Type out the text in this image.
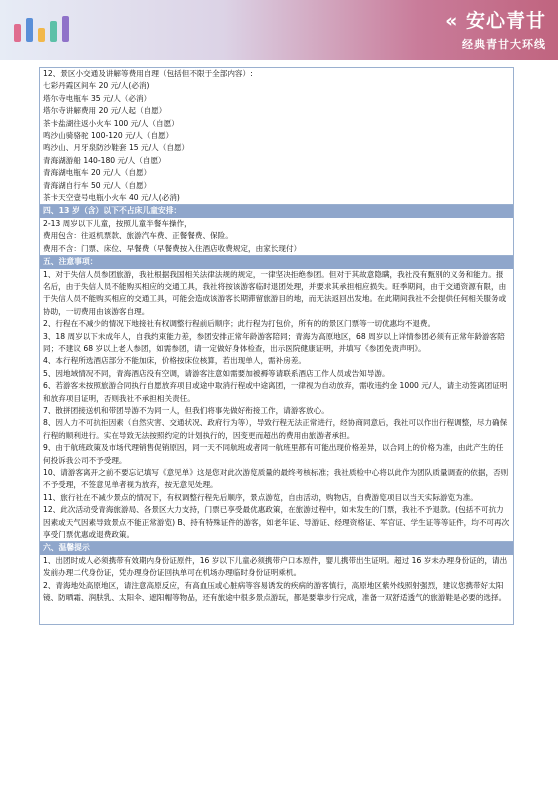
« 安心青甘
经典青甘大环线
12、景区小交通及讲解等费用自理（包括但不限于全部内容）:
七彩丹霞区间车 20 元/人(必消)
塔尔寺电瓶车 35 元/人（必消）
塔尔寺讲解费用 20 元/人起（自愿）
茶卡盐湖往返小火车 100 元/人（自愿）
鸣沙山骑骆驼 100-120 元/人（自愿）
鸣沙山、月牙泉防沙鞋套 15 元/人（自愿）
青海湖游船 140-180 元/人（自愿）
青海湖电瓶车 20 元/人（自愿）
青海湖自行车 50 元/人（自愿）
茶卡天空壹号电瓶小火车 40 元/人(必消)
四、13 岁（含）以下不占床儿童安排：
2-13 周岁以下儿童，按照儿童半餐车操作，
费用包含：往返机票款、旅游汽车费、正餐餐费、保险。
费用不含：门票、床位、早餐费（早餐费按入住酒店收费规定，由家长现付）
五、注意事项：
1、对于失信人员参团旅游，我社根据我国相关法律法规的规定，一律坚决拒绝参团。但对于其故意隐瞒，我社没有甄别的义务和能力。报名后，由于失信人员不能购买相应的交通工具，我社将按该游客临时退团处理，并要求其承担相应损失。旺季期间，由于交通资源有限，由于失信人员不能购买相应的交通工具，可能会造成该游客长期滞留旅游目的地，而无法返回出发地。在此期间我社不会提供任何相关服务或协助，一切费用由该游客自理。
2、行程在不减少的情况下地接社有权调整行程前后顺序；此行程为打包价，所有的的景区门票等一切优惠均不退费。
3、18 周岁以下未成年人，自我约束能力差，参团安排正常年龄游客陪同；青海为高原地区，68 周岁以上详情参团必须有正常年龄游客陪同；不建议 68 岁以上老人参团，如需参团，请一定做好身体检查，出示医院健康证明，并填写《参团免责声明》。
4、本行程所选酒店部分不能加床，价格按床位核算，若出现单人，需补房差。
5、因地域情况不同，青海酒店没有空调，请游客注意如需要加被褥等请联系酒店工作人员或告知导游。
6、若游客未按照旅游合同执行自愿放弃项目或途中取消行程或中途离团，一律视为自动放弃，需收违约金 1000 元/人，请主动签离团证明和放弃项目证明，否则我社不承担相关责任。
7、散拼团接送机和带团导游不为同一人，但我们将事先做好衔接工作，请游客放心。
8、因人力不可抗拒因素（自然灾害、交通状况、政府行为等），导致行程无法正常进行，经协商同意后，我社可以作出行程调整，尽力确保行程的顺利进行。实在导致无法按照约定的计划执行的，因变更而超出的费用由旅游者承担。
9、由于航班政策及市场代理销售促销原因，同一天不同航班或者同一航班里都有可能出现价格差异，以合同上的价格为准，由此产生的任何投诉我公司不予受理。
10、请游客离开之前不要忘记填写《意见单》这是您对此次游览质量的最终考核标准；我社质检中心将以此作为团队质量调查的依据，否则不予受理，不签意见单者视为放弃，按无意见处理。
11、旅行社在不减少景点的情况下，有权调整行程先后顺序，景点游览，自由活动，购物店，自费游览项目以当天实际游览为准。
12、此次活动受青海旅游局、各景区大力支持，门票已享受最优惠政策，在旅游过程中，如未发生的门票，我社不予退款。(包括不可抗力因素或天气因素导致景点不能正常游览) B、持有特殊证件的游客，如老年证、导游证、经理资格证、军官证、学生证等等证件，均不可再次享受门票优惠或退费政策。
六、温馨提示
1、出团时成人必须携带有效期内身份证原件，16 岁以下儿童必须携带户口本原件，婴儿携带出生证明。超过 16 岁未办理身份证的，请出发前办理二代身份证，凭办理身份证回执单可在机场办理临时身份证明乘机。
2、青海地处高原地区，请注意高原反应，有高血压或心脏病等容易诱发的疾病的游客慎行，高原地区紫外线照射强烈，建议您携带好太阳镜、防晒霜、润肤乳、太阳伞、遮阳帽等物品，还有旅途中很多景点游玩，都是要靠步行完成，准备一双舒适透气的旅游鞋是必要的选择。
